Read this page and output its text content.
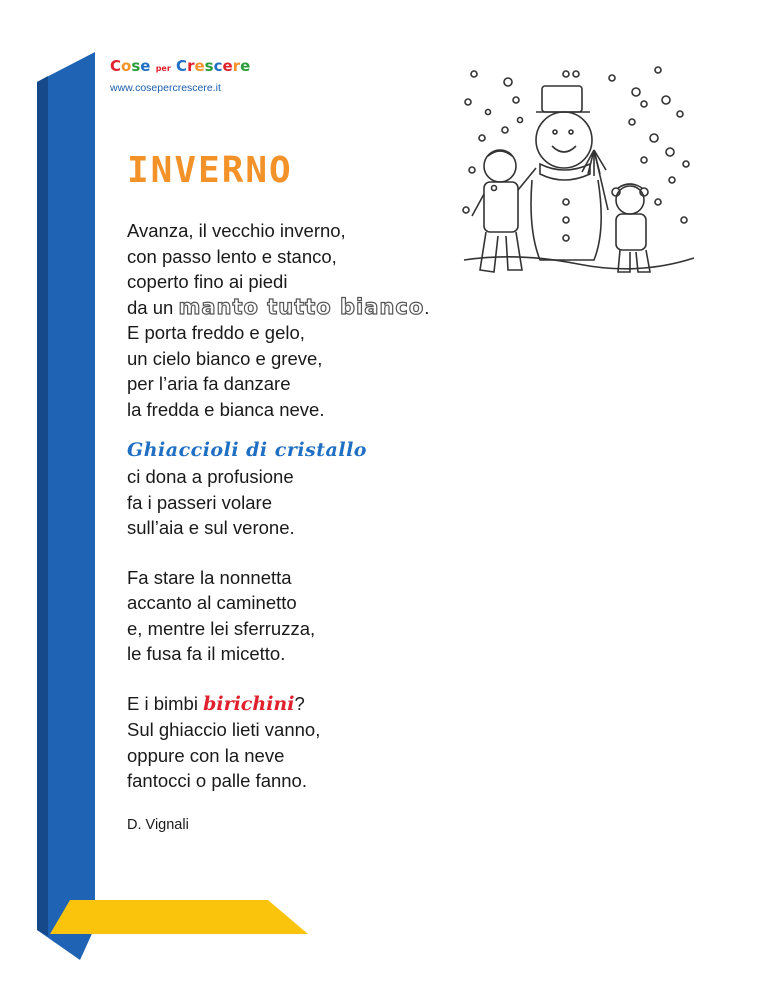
Cose per Crescere
www.cosepercrescere.it
INVERNO
Avanza, il vecchio inverno,
con passo lento e stanco,
coperto fino ai piedi
da un manto tutto bianco.
E porta freddo e gelo,
un cielo bianco e greve,
per l’aria fa danzare
la fredda e bianca neve.
Ghiaccioli di cristallo
ci dona a profusione
fa i passeri volare
sull’aia e sul verone.
Fa stare la nonnetta
accanto al caminetto
e, mentre lei sferruzza,
le fusa fa il micetto.
E i bimbi birichini?
Sul ghiaccio lieti vanno,
oppure con la neve
fantocci o palle fanno.
D. Vignali
